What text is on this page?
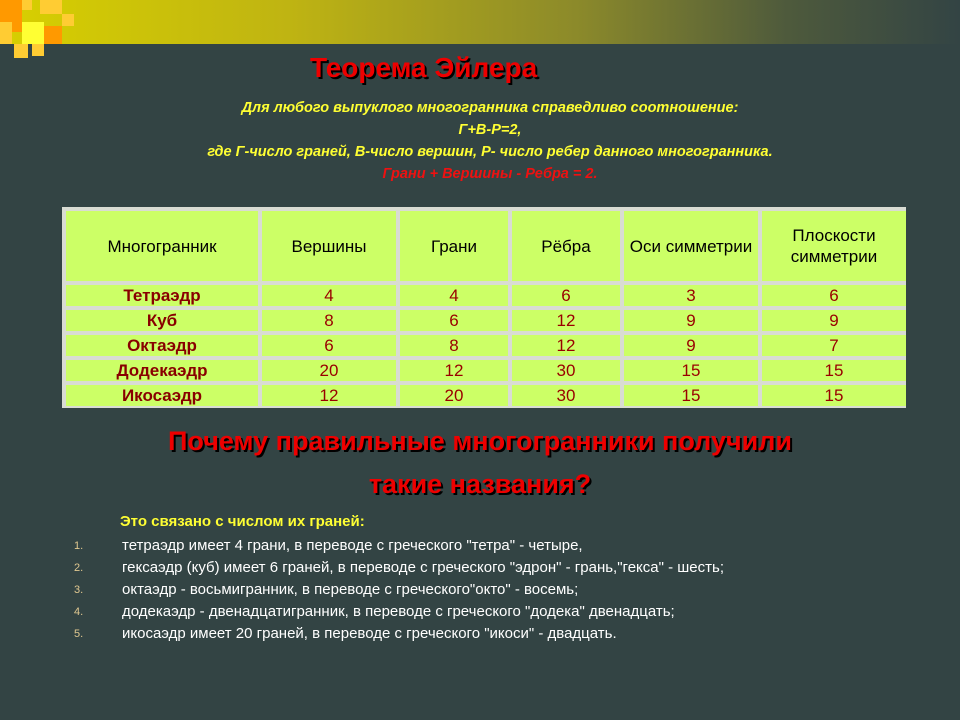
Теорема Эйлера
Для любого выпуклого многогранника справедливо соотношение:
Г+В-Р=2,
где Г-число граней, В-число вершин, Р- число ребер данного многогранника.
Грани + Вершины - Ребра = 2.
Многогранник	Вершины	Грани	Рёбра	Оси симметрии	Плоскости симметрии
Тетраэдр	4	4	6	3	6
Куб	8	6	12	9	9
Октаэдр	6	8	12	9	7
Додекаэдр	20	12	30	15	15
Икосаэдр	12	20	30	15	15
Почему правильные многогранники получили
такие названия?
Это связано с числом их граней:
1.	тетраэдр имеет 4 грани, в переводе с греческого "тетра" - четыре,
2.	гексаэдр (куб) имеет 6 граней, в переводе с греческого "эдрон" - грань,"гекса" - шесть;
3.	октаэдр - восьмигранник, в переводе с греческого"окто" - восемь;
4.	додекаэдр - двенадцатигранник, в переводе с греческого "додека" двенадцать;
5.	икосаэдр имеет 20 граней, в переводе с греческого "икоси" - двадцать.
